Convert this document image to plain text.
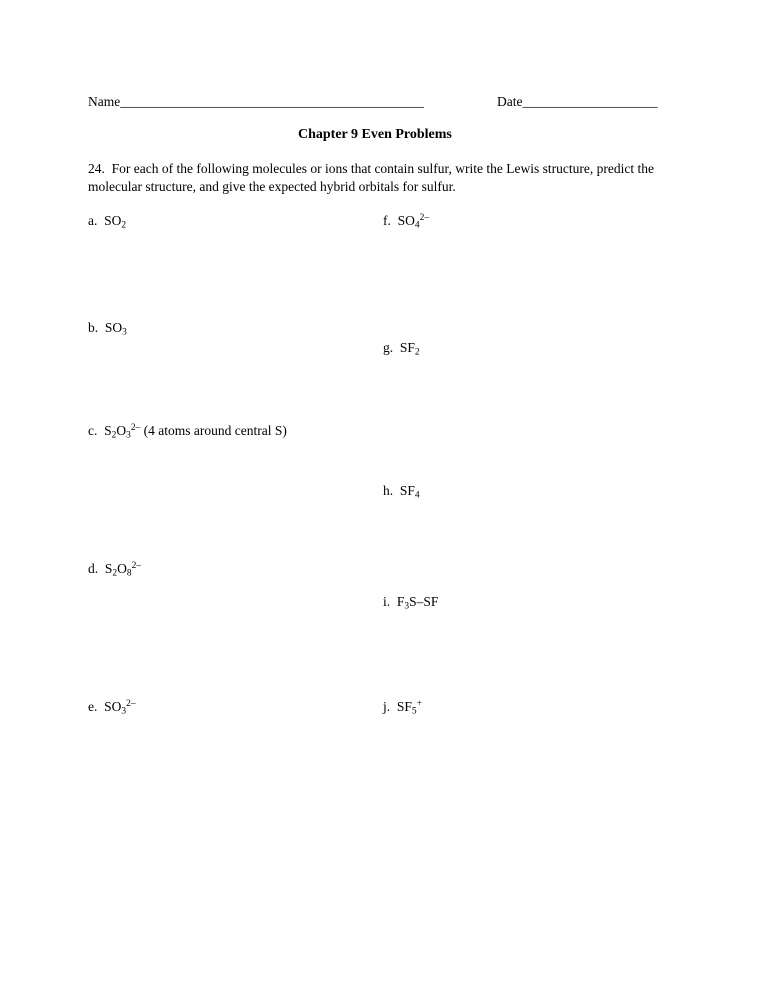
Name_____________________________________________	Date____________________
Chapter 9 Even Problems
24. For each of the following molecules or ions that contain sulfur, write the Lewis structure, predict the molecular structure, and give the expected hybrid orbitals for sulfur.
a. $SO_2$
b. $SO_3$
c. $S_2O_3^{2-}$ (4 atoms around central S)
d. $S_2O_8^{2-}$
e. $SO_3^{2-}$
f. $SO_4^{2-}$
g. $SF_2$
h. $SF_4$
i. $F_3S-SF$
j. $SF_5^+$
